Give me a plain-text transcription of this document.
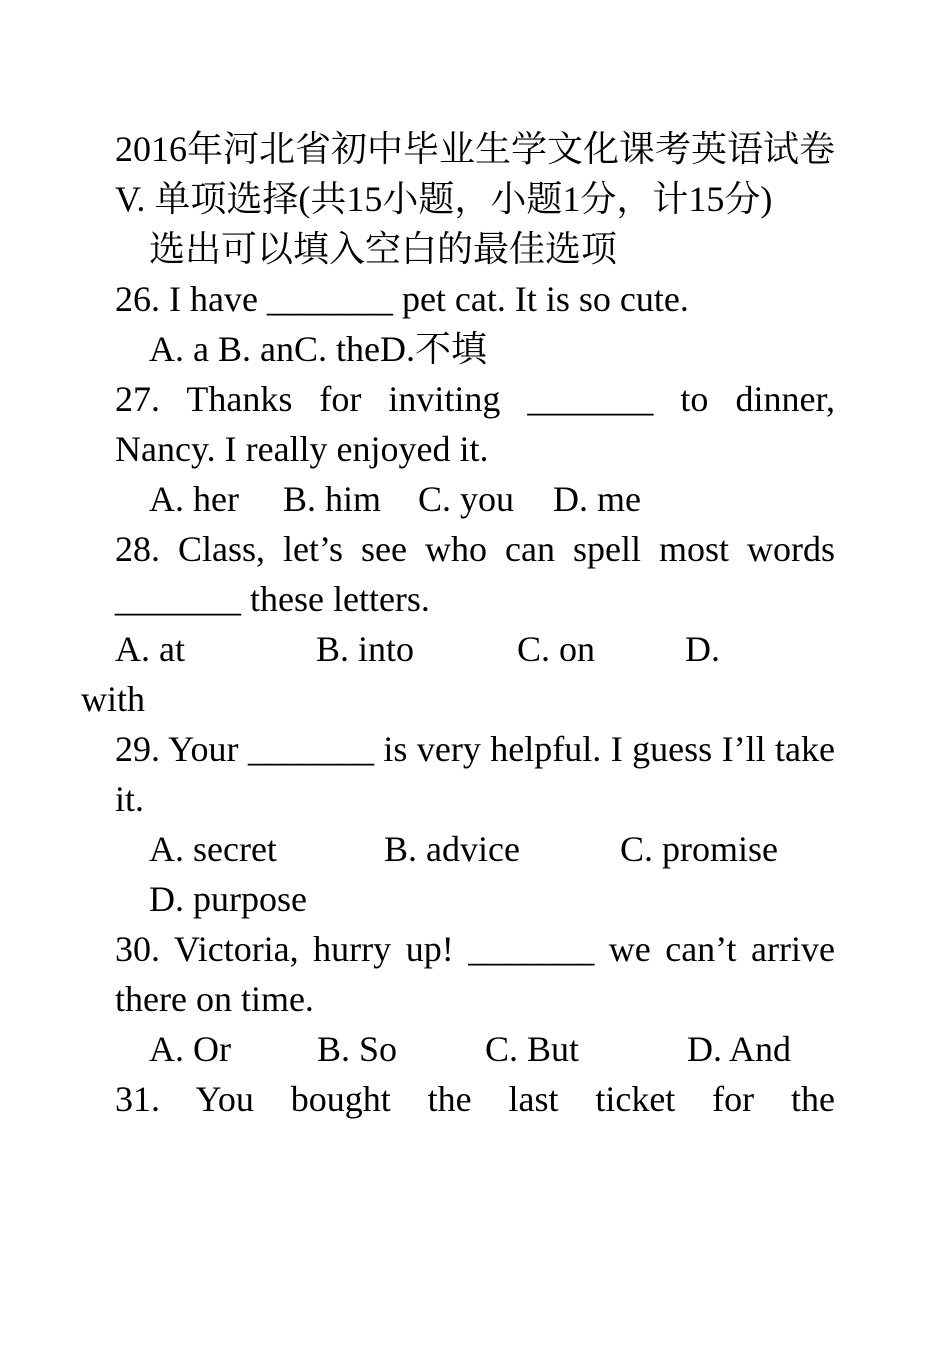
2016年河北省初中毕业生学文化课考英语试卷
V. 单项选择(共15小题，小题1分，计15分)
选出可以填入空白的最佳选项
26. I have _______ pet cat. It is so cute.
A. a B. anC. theD.不填
27. Thanks for inviting _______ to dinner, Nancy. I really enjoyed it.
A. her B. him C. you D. me
28. Class, let’s see who can spell most words _______ these letters.
A. at	B. into	C. on D.
with
29. Your _______ is very helpful. I guess I’ll take it.
A. secret	B. advice	C. promise
D. purpose
30. Victoria, hurry up! _______ we can’t arrive there on time.
A. Or B. So C. But	D. And
31. You bought the last ticket for the
